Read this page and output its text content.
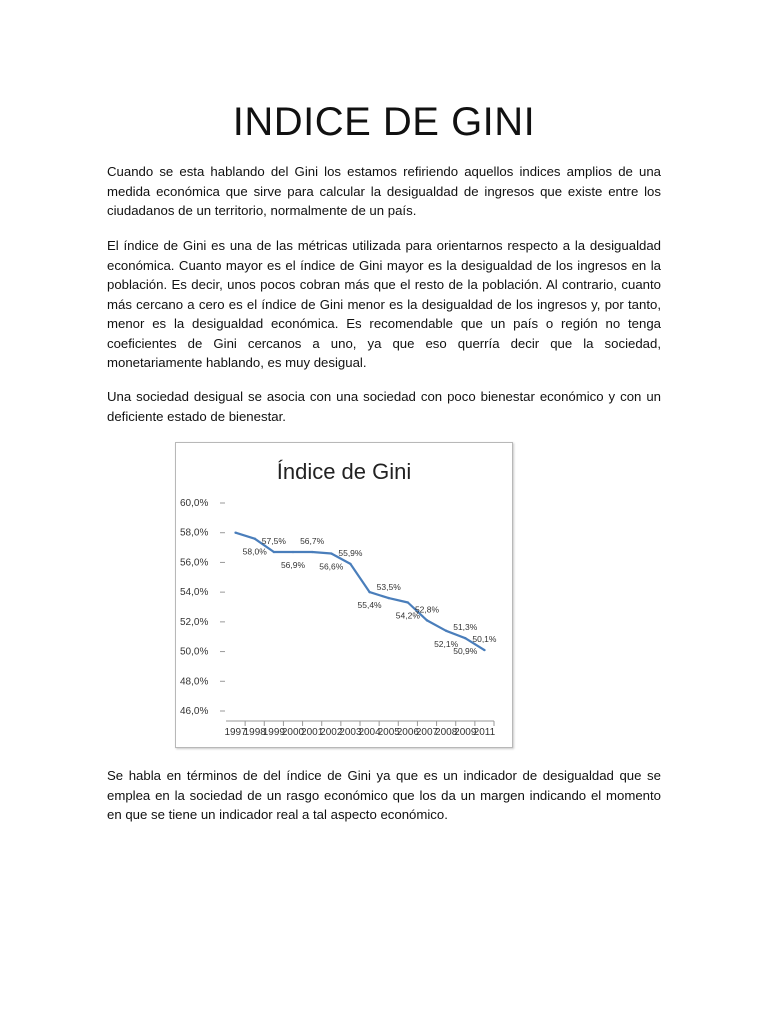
INDICE DE GINI

Cuando se esta hablando del Gini los estamos refiriendo aquellos indices amplios de una medida económica que sirve para calcular la desigualdad de ingresos que existe entre los ciudadanos de un territorio, normalmente de un país.

El índice de Gini es una de las métricas utilizada para orientarnos respecto a la desigualdad económica. Cuanto mayor es el índice de Gini mayor es la desigualdad de los ingresos en la población. Es decir, unos pocos cobran más que el resto de la población. Al contrario, cuanto más cercano a cero es el índice de Gini menor es la desigualdad de los ingresos y, por tanto, menor es la desigualdad económica. Es recomendable que un país o región no tenga coeficientes de Gini cercanos a uno, ya que eso querría decir que la sociedad, monetariamente hablando, es muy desigual.

Una sociedad desigual se asocia con una sociedad con poco bienestar económico y con un deficiente estado de bienestar.

Índice de Gini
60,0%
58,0%
56,0%
54,0%
52,0%
50,0%
48,0%
46,0%
1997
1998
1999
2000
2001
2002
2003
2004
2005
2006
2007
2008
2009
2011
58,0%
57,5%
56,9%
56,7%
56,6%
55,9%
55,4%
53,5%
54,2%
52,8%
52,1%
51,3%
50,9%
50,1%

Se habla en términos de del índice de Gini ya que es un indicador de desigualdad que se emplea en la sociedad de un rasgo económico que los da un margen indicando el momento en que se tiene un indicador real a tal aspecto económico.
